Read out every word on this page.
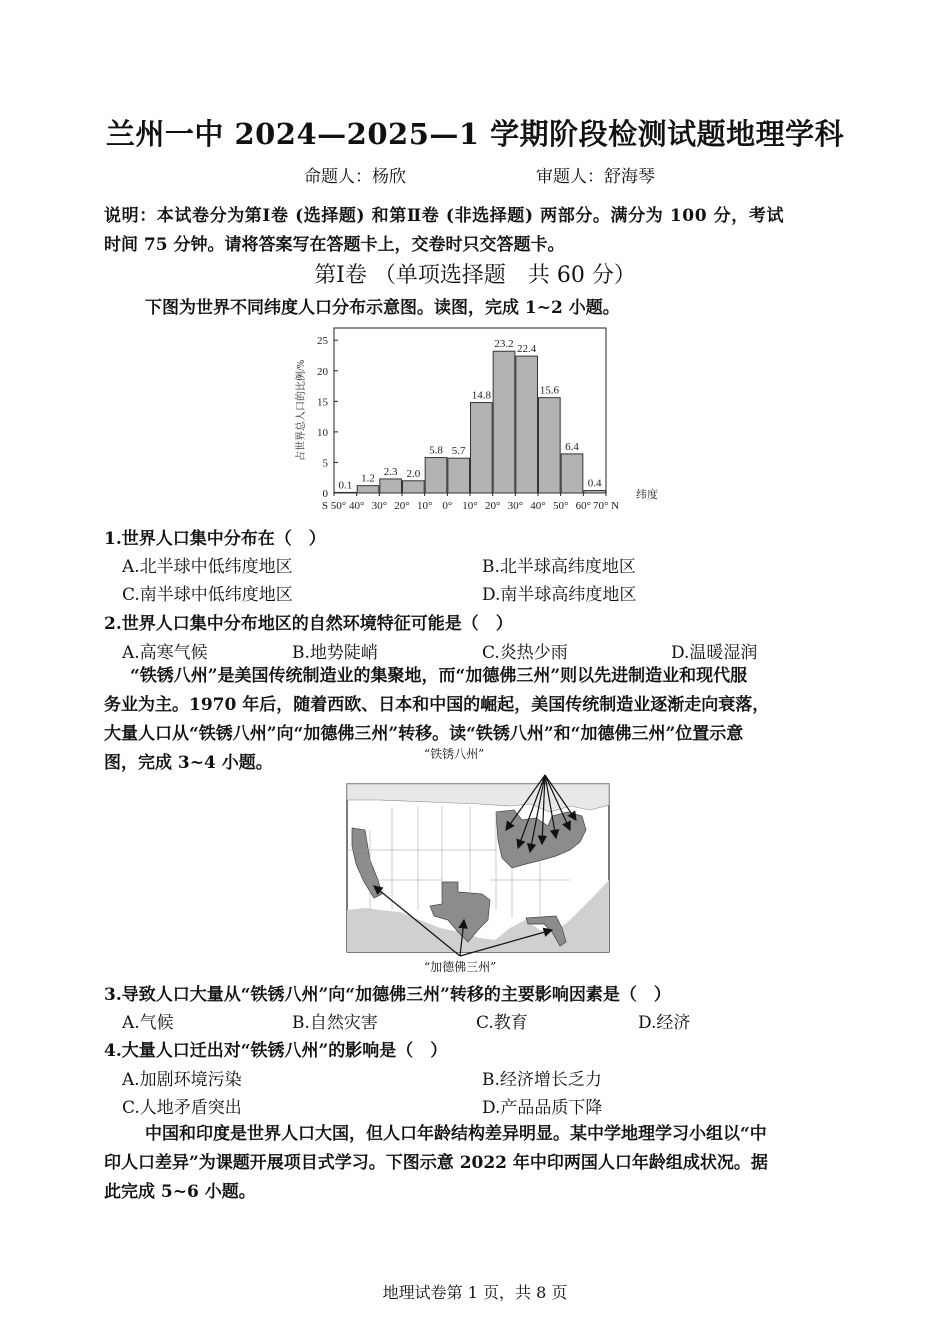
兰州一中 2024—2025—1 学期阶段检测试题地理学科
命题人：杨欣	审题人：舒海琴
说明：本试卷分为第Ⅰ卷 (选择题) 和第Ⅱ卷 (非选择题) 两部分。满分为 100 分，考试
时间 75 分钟。请将答案写在答题卡上，交卷时只交答题卡。
第Ⅰ卷 （单项选择题　共 60 分）
下图为世界不同纬度人口分布示意图。读图，完成 1~2 小题。
0
5
10
15
20
25
0.1
1.2
2.3 2.0
5.8 5.7
14.8
23.2 22.4
15.6
6.4
0.4
S 50° 40° 30° 20° 10° 0° 10° 20° 30° 40° 50° 60° 70° N
纬度
占世界总人口的比例/%
1.世界人口集中分布在（　）
A.北半球中低纬度地区	B.北半球高纬度地区
C.南半球中低纬度地区	D.南半球高纬度地区
2.世界人口集中分布地区的自然环境特征可能是（　）
A.高寒气候	B.地势陡峭	C.炎热少雨	D.温暖湿润
“铁锈八州”是美国传统制造业的集聚地，而“加德佛三州”则以先进制造业和现代服
务业为主。1970 年后，随着西欧、日本和中国的崛起，美国传统制造业逐渐走向衰落，
大量人口从“铁锈八州”向“加德佛三州”转移。读“铁锈八州”和“加德佛三州”位置示意
图，完成 3~4 小题。	“铁锈八州”
“加德佛三州”
3.导致人口大量从“铁锈八州”向“加德佛三州”转移的主要影响因素是（　）
A.气候	B.自然灾害	C.教育	D.经济
4.大量人口迁出对“铁锈八州”的影响是（　）
A.加剧环境污染	B.经济增长乏力
C.人地矛盾突出	D.产品品质下降
中国和印度是世界人口大国，但人口年龄结构差异明显。某中学地理学习小组以“中
印人口差异”为课题开展项目式学习。下图示意 2022 年中印两国人口年龄组成状况。据
此完成 5~6 小题。
地理试卷第 1 页，共 8 页
